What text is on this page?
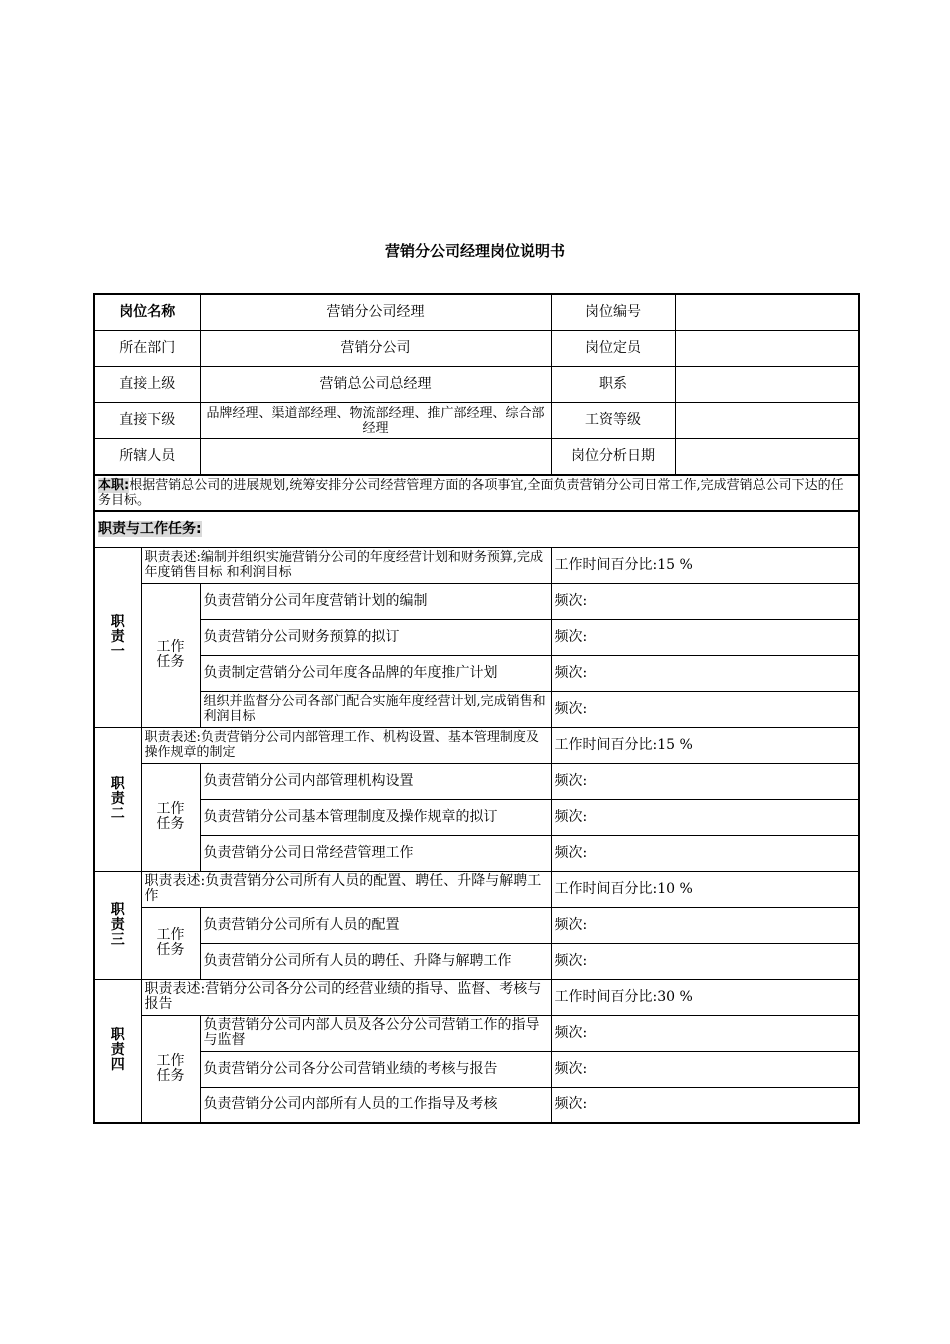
营销分公司经理岗位说明书
岗位名称		营销分公司经理	岗位编号	
所在部门		营销分公司	岗位定员	
直接上级		营销总公司总经理	职系	
直接下级		品牌经理、渠道部经理、物流部经理、推广部经理、综合部经理	工资等级	
所辖人员			岗位分析日期	
本职:根据营销总公司的进展规划,统筹安排分公司经营管理方面的各项事宜,全面负责营销分公司日常工作,完成营销总公司下达的任务目标。				
职责与工作任务:				

职
责
一	职责表述:编制并组织实施营销分公司的年度经营计划和财务预算,完成年度销售目标 和利润目标		工作时间百分比:15 %	

	工作
任务	负责营销分公司年度营销计划的编制	频次:	
		负责营销分公司财务预算的拟订	频次:	
		负责制定营销分公司年度各品牌的年度推广计划	频次:	
		组织并监督分公司各部门配合实施年度经营计划,完成销售和利润目标	频次:	

职
责
二	职责表述:负责营销分公司内部管理工作、机构设置、基本管理制度及操作规章的制定		工作时间百分比:15 %	

	工作
任务	负责营销分公司内部管理机构设置	频次:	
		负责营销分公司基本管理制度及操作规章的拟订	频次:	
		负责营销分公司日常经营管理工作	频次:	

职
责
三	职责表述:负责营销分公司所有人员的配置、聘任、升降与解聘工作		工作时间百分比:10 %	

	工作
任务	负责营销分公司所有人员的配置	频次:	
		负责营销分公司所有人员的聘任、升降与解聘工作	频次:	

职
责
四	职责表述:营销分公司各分公司的经营业绩的指导、监督、考核与报告		工作时间百分比:30 %	

	工作
任务	负责营销分公司内部人员及各公分公司营销工作的指导与监督	频次:	
		负责营销分公司各分公司营销业绩的考核与报告	频次:	
		负责营销分公司内部所有人员的工作指导及考核	频次:	
